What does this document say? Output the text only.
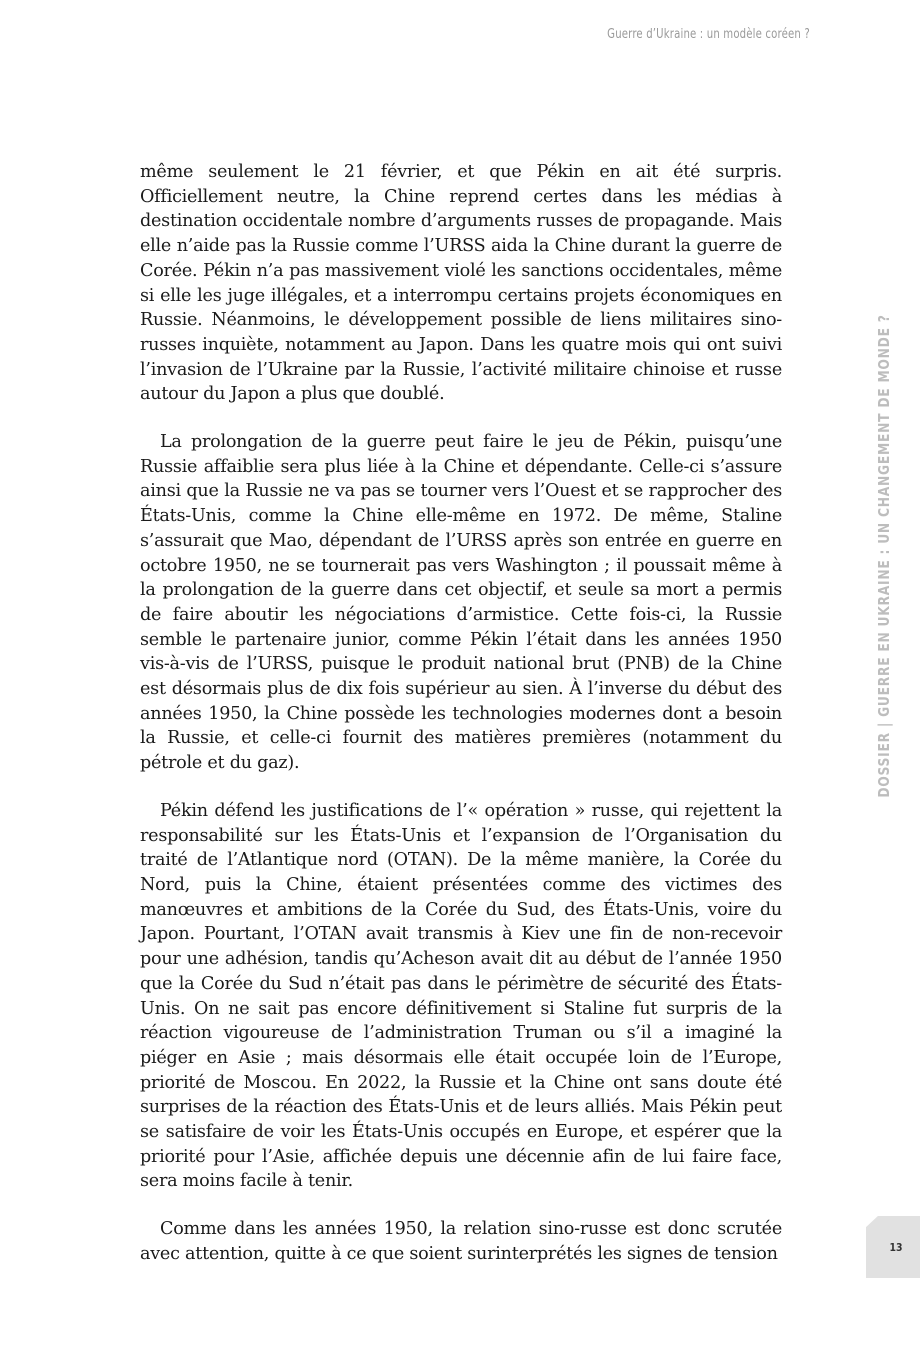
Guerre d’Ukraine : un modèle coréen ?
DOSSIER | GUERRE EN UKRAINE : UN CHANGEMENT DE MONDE ?

même seulement le 21 février, et que Pékin en ait été surpris. Officiellement neutre, la Chine reprend certes dans les médias à destination occidentale nombre d’arguments russes de propagande. Mais elle n’aide pas la Russie comme l’URSS aida la Chine durant la guerre de Corée. Pékin n’a pas massivement violé les sanctions occidentales, même si elle les juge illégales, et a interrompu certains projets économiques en Russie. Néanmoins, le développement possible de liens militaires sino-russes inquiète, notamment au Japon. Dans les quatre mois qui ont suivi l’invasion de l’Ukraine par la Russie, l’activité militaire chinoise et russe autour du Japon a plus que doublé.

La prolongation de la guerre peut faire le jeu de Pékin, puisqu’une Russie affaiblie sera plus liée à la Chine et dépendante. Celle-ci s’assure ainsi que la Russie ne va pas se tourner vers l’Ouest et se rapprocher des États-Unis, comme la Chine elle-même en 1972. De même, Staline s’assurait que Mao, dépendant de l’URSS après son entrée en guerre en octobre 1950, ne se tournerait pas vers Washington ; il poussait même à la prolongation de la guerre dans cet objectif, et seule sa mort a permis de faire aboutir les négociations d’armistice. Cette fois-ci, la Russie semble le partenaire junior, comme Pékin l’était dans les années 1950 vis-à-vis de l’URSS, puisque le produit national brut (PNB) de la Chine est désormais plus de dix fois supérieur au sien. À l’inverse du début des années 1950, la Chine possède les technologies modernes dont a besoin la Russie, et celle-ci fournit des matières premières (notamment du pétrole et du gaz).

Pékin défend les justifications de l’« opération » russe, qui rejettent la responsabilité sur les États-Unis et l’expansion de l’Organisation du traité de l’Atlantique nord (OTAN). De la même manière, la Corée du Nord, puis la Chine, étaient présentées comme des victimes des manœuvres et ambitions de la Corée du Sud, des États-Unis, voire du Japon. Pourtant, l’OTAN avait transmis à Kiev une fin de non-recevoir pour une adhésion, tandis qu’Acheson avait dit au début de l’année 1950 que la Corée du Sud n’était pas dans le périmètre de sécurité des États-Unis. On ne sait pas encore définitivement si Staline fut surpris de la réaction vigoureuse de l’administration Truman ou s’il a imaginé la piéger en Asie ; mais désormais elle était occupée loin de l’Europe, priorité de Moscou. En 2022, la Russie et la Chine ont sans doute été surprises de la réaction des États-Unis et de leurs alliés. Mais Pékin peut se satisfaire de voir les États-Unis occupés en Europe, et espérer que la priorité pour l’Asie, affichée depuis une décennie afin de lui faire face, sera moins facile à tenir.

Comme dans les années 1950, la relation sino-russe est donc scrutée avec attention, quitte à ce que soient surinterprétés les signes de tension	13
